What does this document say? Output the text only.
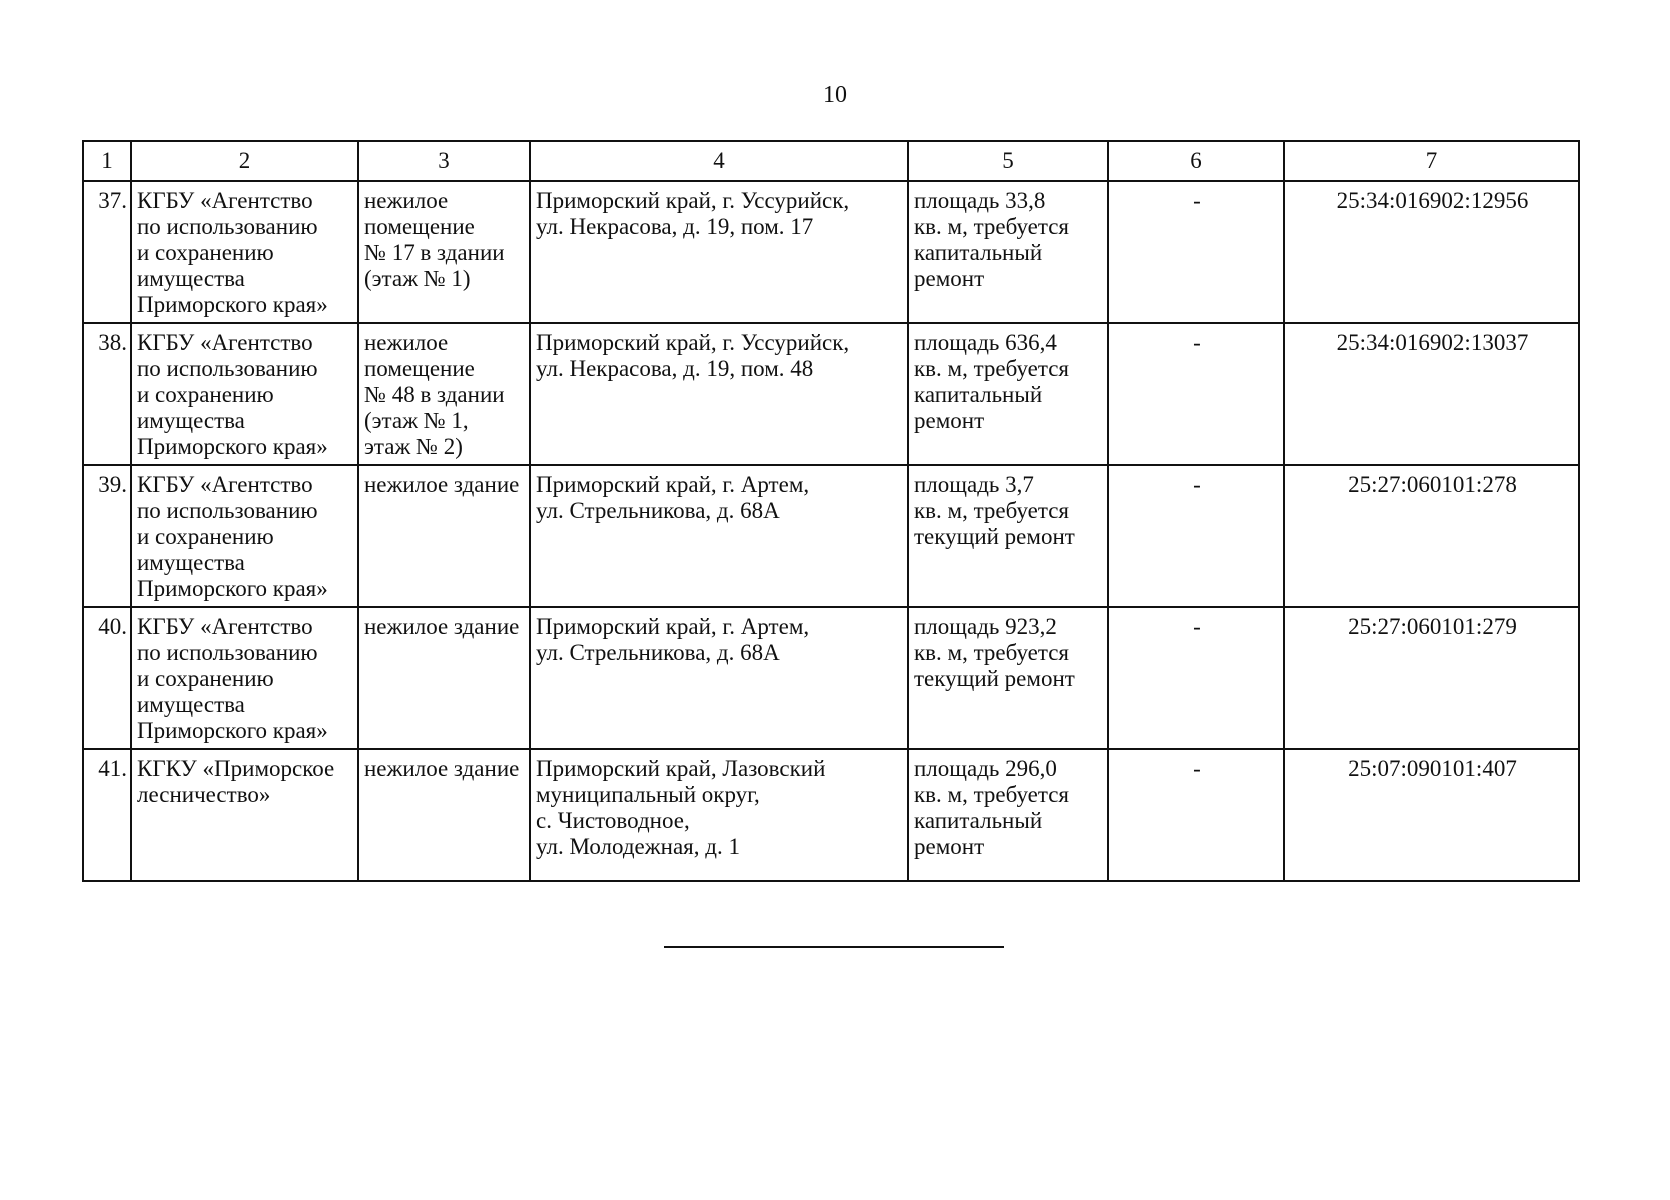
10
1	2	3	4	5	6	7

37.	КГБУ «Агентство
по использованию
и сохранению
имущества
Приморского края»	нежилое
помещение
№ 17 в здании
(этаж № 1)	Приморский край, г. Уссурийск,
ул. Некрасова, д. 19, пом. 17	площадь 33,8
кв. м, требуется
капитальный
ремонт	-	25:34:016902:12956

38.	КГБУ «Агентство
по использованию
и сохранению
имущества
Приморского края»	нежилое
помещение
№ 48 в здании
(этаж № 1,
этаж № 2)	Приморский край, г. Уссурийск,
ул. Некрасова, д. 19, пом. 48	площадь 636,4
кв. м, требуется
капитальный
ремонт	-	25:34:016902:13037

39.	КГБУ «Агентство
по использованию
и сохранению
имущества
Приморского края»	нежилое здание	Приморский край, г. Артем,
ул. Стрельникова, д. 68А	площадь 3,7
кв. м, требуется
текущий ремонт	-	25:27:060101:278

40.	КГБУ «Агентство
по использованию
и сохранению
имущества
Приморского края»	нежилое здание	Приморский край, г. Артем,
ул. Стрельникова, д. 68А	площадь 923,2
кв. м, требуется
текущий ремонт	-	25:27:060101:279

41.	КГКУ «Приморское
лесничество»	нежилое здание	Приморский край, Лазовский
муниципальный округ,
с. Чистоводное,
ул. Молодежная, д. 1	площадь 296,0
кв. м, требуется
капитальный
ремонт	-	25:07:090101:407
